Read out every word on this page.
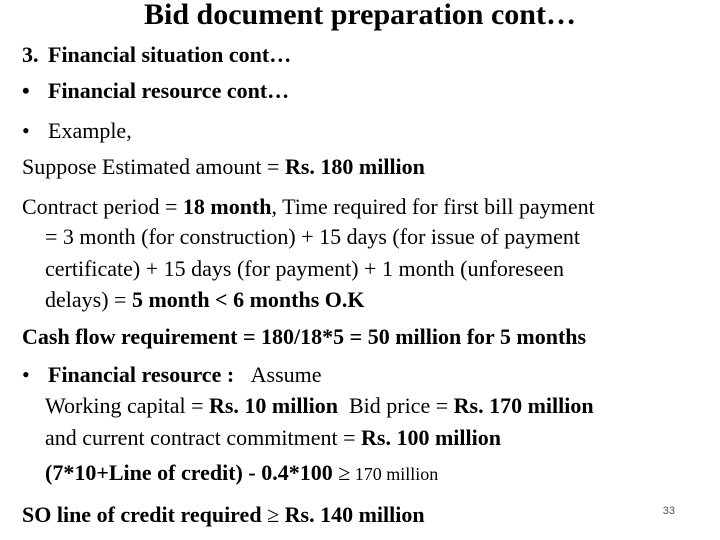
Bid document preparation cont…
3. Financial situation cont…
• Financial resource cont…
• Example,
Suppose Estimated amount = Rs. 180 million
Contract period = 18 month, Time required for first bill payment
= 3 month (for construction) + 15 days (for issue of payment
certificate) + 15 days (for payment) + 1 month (unforeseen
delays) = 5 month < 6 months O.K
Cash flow requirement = 180/18*5 = 50 million for 5 months
• Financial resource : Assume
Working capital = Rs. 10 million Bid price = Rs. 170 million
and current contract commitment = Rs. 100 million
(7*10+Line of credit) - 0.4*100 ≥ 170 million
SO line of credit required ≥ Rs. 140 million	33
